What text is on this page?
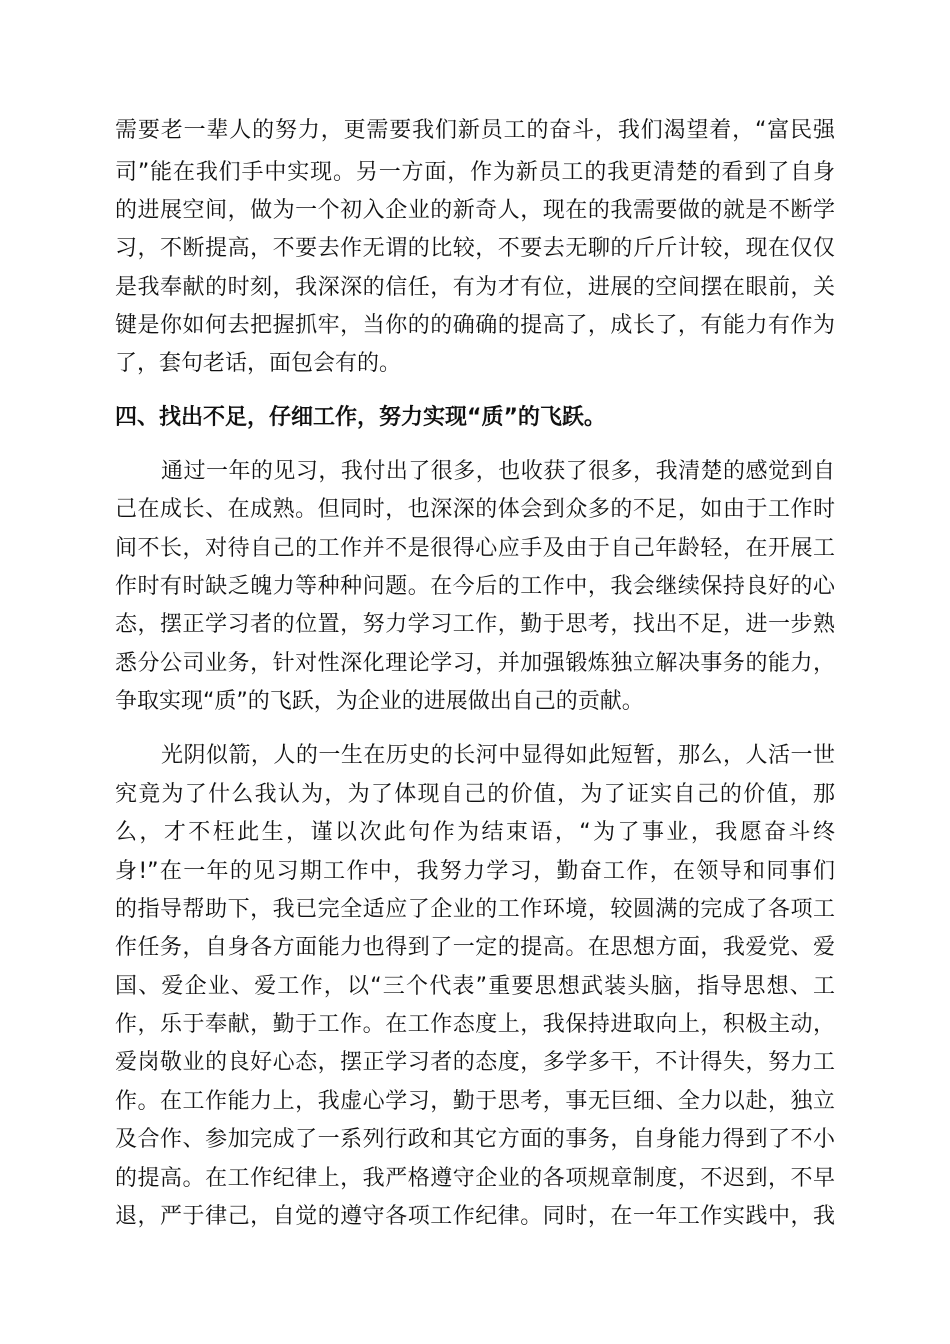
需要老一辈人的努力，更需要我们新员工的奋斗，我们渴望着，“富民强
司”能在我们手中实现。另一方面，作为新员工的我更清楚的看到了自身
的进展空间，做为一个初入企业的新奇人，现在的我需要做的就是不断学
习，不断提高，不要去作无谓的比较，不要去无聊的斤斤计较，现在仅仅
是我奉献的时刻，我深深的信任，有为才有位，进展的空间摆在眼前，关
键是你如何去把握抓牢，当你的的确确的提高了，成长了，有能力有作为
了，套句老话，面包会有的。
四、找出不足，仔细工作，努力实现“质”的飞跃。
通过一年的见习，我付出了很多，也收获了很多，我清楚的感觉到自
己在成长、在成熟。但同时，也深深的体会到众多的不足，如由于工作时
间不长，对待自己的工作并不是很得心应手及由于自己年龄轻，在开展工
作时有时缺乏魄力等种种问题。在今后的工作中，我会继续保持良好的心
态，摆正学习者的位置，努力学习工作，勤于思考，找出不足，进一步熟
悉分公司业务，针对性深化理论学习，并加强锻炼独立解决事务的能力，
争取实现“质”的飞跃，为企业的进展做出自己的贡献。
光阴似箭，人的一生在历史的长河中显得如此短暂，那么，人活一世
究竟为了什么我认为，为了体现自己的价值，为了证实自己的价值，那
么，才不枉此生，谨以次此句作为结束语，“为了事业，我愿奋斗终
身!”在一年的见习期工作中，我努力学习，勤奋工作，在领导和同事们
的指导帮助下，我已完全适应了企业的工作环境，较圆满的完成了各项工
作任务，自身各方面能力也得到了一定的提高。在思想方面，我爱党、爱
国、爱企业、爱工作，以“三个代表”重要思想武装头脑，指导思想、工
作，乐于奉献，勤于工作。在工作态度上，我保持进取向上，积极主动，
爱岗敬业的良好心态，摆正学习者的态度，多学多干，不计得失，努力工
作。在工作能力上，我虚心学习，勤于思考，事无巨细、全力以赴，独立
及合作、参加完成了一系列行政和其它方面的事务，自身能力得到了不小
的提高。在工作纪律上，我严格遵守企业的各项规章制度，不迟到，不早
退，严于律己，自觉的遵守各项工作纪律。同时，在一年工作实践中，我
